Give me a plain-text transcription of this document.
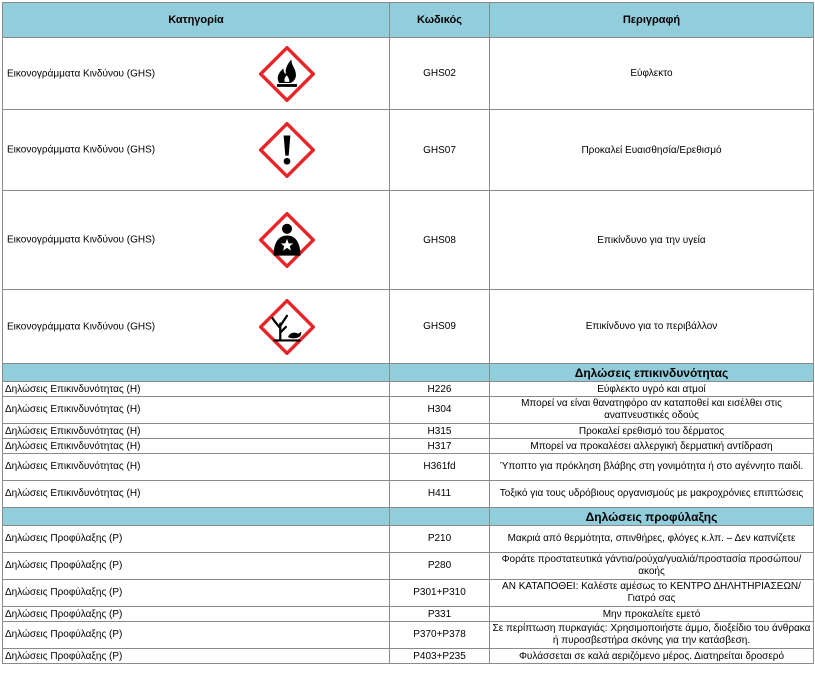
Κατηγορία	Κωδικός	Περιγραφή

Εικονογράμματα Κινδύνου (GHS)	GHS02	Εύφλεκτο

Εικονογράμματα Κινδύνου (GHS)	GHS07	Προκαλεί Ευαισθησία/Ερεθισμό

Εικονογράμματα Κινδύνου (GHS)	GHS08	Επικίνδυνο για την υγεία

Εικονογράμματα Κινδύνου (GHS)	GHS09	Επικίνδυνο για το περιβάλλον
		Δηλώσεις επικινδυνότητας
Δηλώσεις Επικινδυνότητας (H)	H226	Εύφλεκτο υγρό και ατμοί
Δηλώσεις Επικινδυνότητας (H)	H304	Μπορεί να είναι θανατηφόρο αν καταποθεί και εισέλθει στις αναπνευστικές οδούς
Δηλώσεις Επικινδυνότητας (H)	H315	Προκαλεί ερεθισμό του δέρματος
Δηλώσεις Επικινδυνότητας (H)	H317	Μπορεί να προκαλέσει αλλεργική δερματική αντίδραση
Δηλώσεις Επικινδυνότητας (H)	H361fd	Ύποπτο για πρόκληση βλάβης στη γονιμότητα ή στο αγέννητο παιδί.
Δηλώσεις Επικινδυνότητας (H)	H411	Τοξικό για τους υδρόβιους οργανισμούς με μακροχρόνιες επιπτώσεις
		Δηλώσεις προφύλαξης
Δηλώσεις Προφύλαξης (P)	P210	Μακριά από θερμότητα, σπινθήρες, φλόγες κ.λπ. – Δεν καπνίζετε
Δηλώσεις Προφύλαξης (P)	P280	Φοράτε προστατευτικά γάντια/ρούχα/γυαλιά/προστασία προσώπου/ακοής
Δηλώσεις Προφύλαξης (P)	P301+P310	ΑΝ ΚΑΤΑΠΟΘΕΙ: Καλέστε αμέσως το ΚΕΝΤΡΟ ΔΗΛΗΤΗΡΙΑΣΕΩΝ/Γιατρό σας
Δηλώσεις Προφύλαξης (P)	P331	Μην προκαλείτε εμετό
Δηλώσεις Προφύλαξης (P)	P370+P378	Σε περίπτωση πυρκαγιάς: Χρησιμοποιήστε άμμο, διοξείδιο του άνθρακα ή πυροσβεστήρα σκόνης για την κατάσβεση.
Δηλώσεις Προφύλαξης (P)	P403+P235	Φυλάσσεται σε καλά αεριζόμενο μέρος. Διατηρείται δροσερό
